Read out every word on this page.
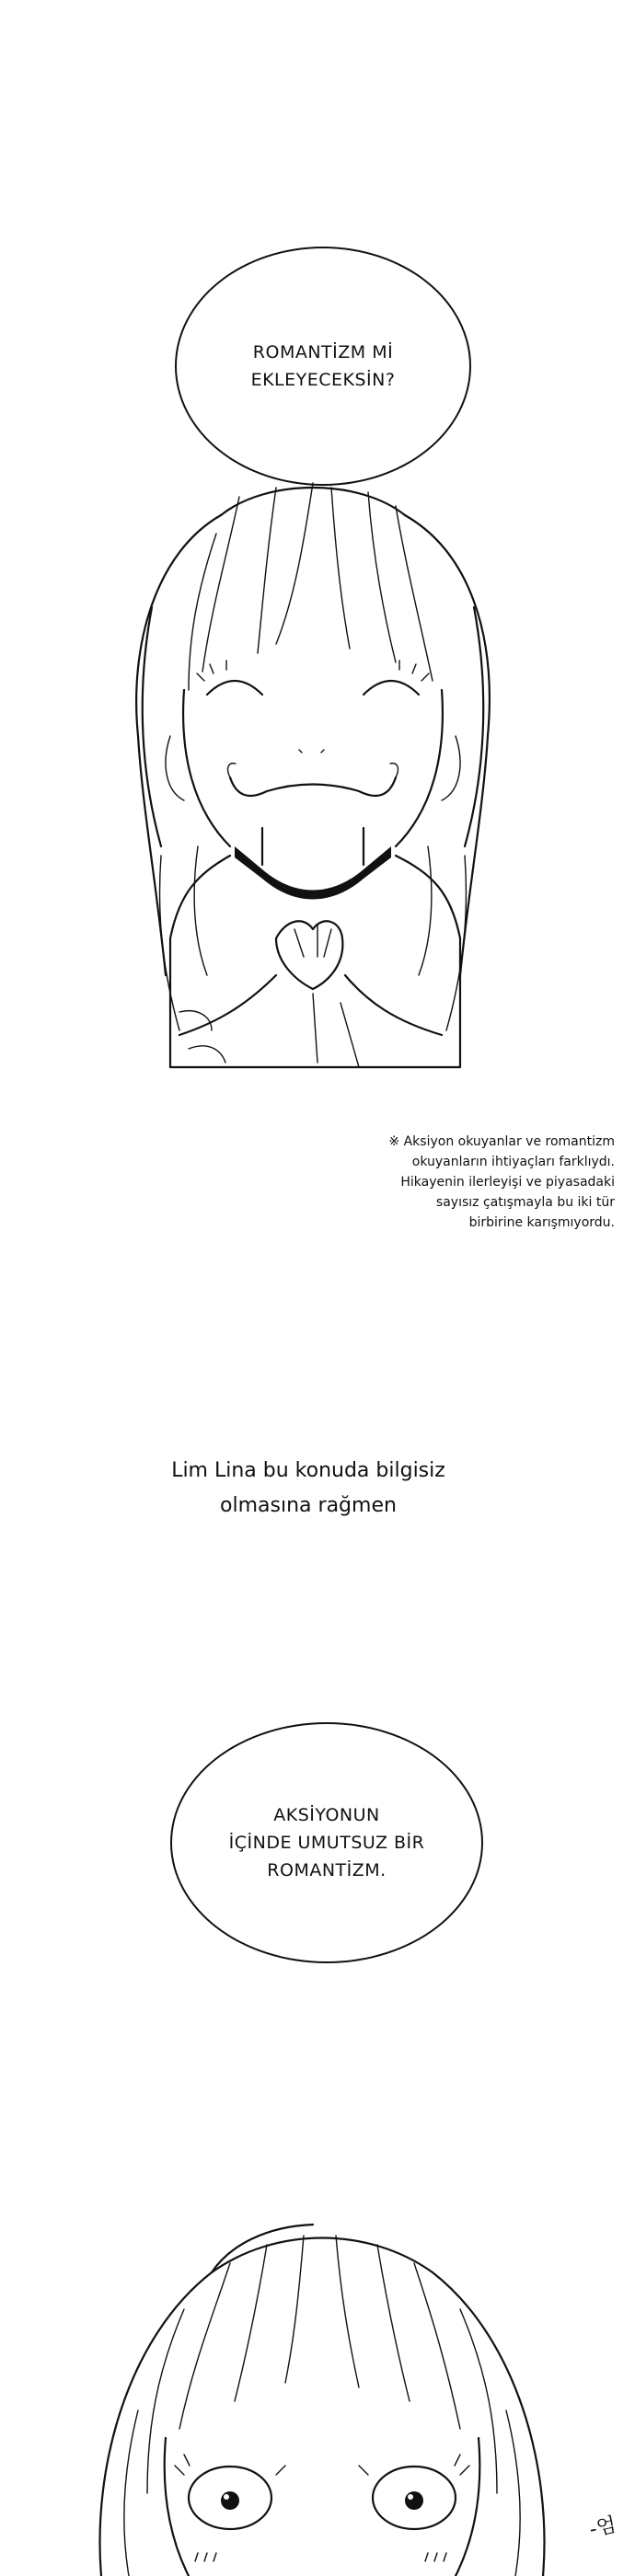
ROMANTİZM Mİ
EKLEYECEKSİN?
※ Aksiyon okuyanlar ve romantizm
okuyanların ihtiyaçları farklıydı.
Hikayenin ilerleyişi ve piyasadaki
sayısız çatışmayla bu iki tür
birbirine karışmıyordu.
Lim Lina bu konuda bilgisiz
olmasına rağmen
AKSİYONUN
İÇİNDE UMUTSUZ BİR
ROMANTİZM.
-엄
